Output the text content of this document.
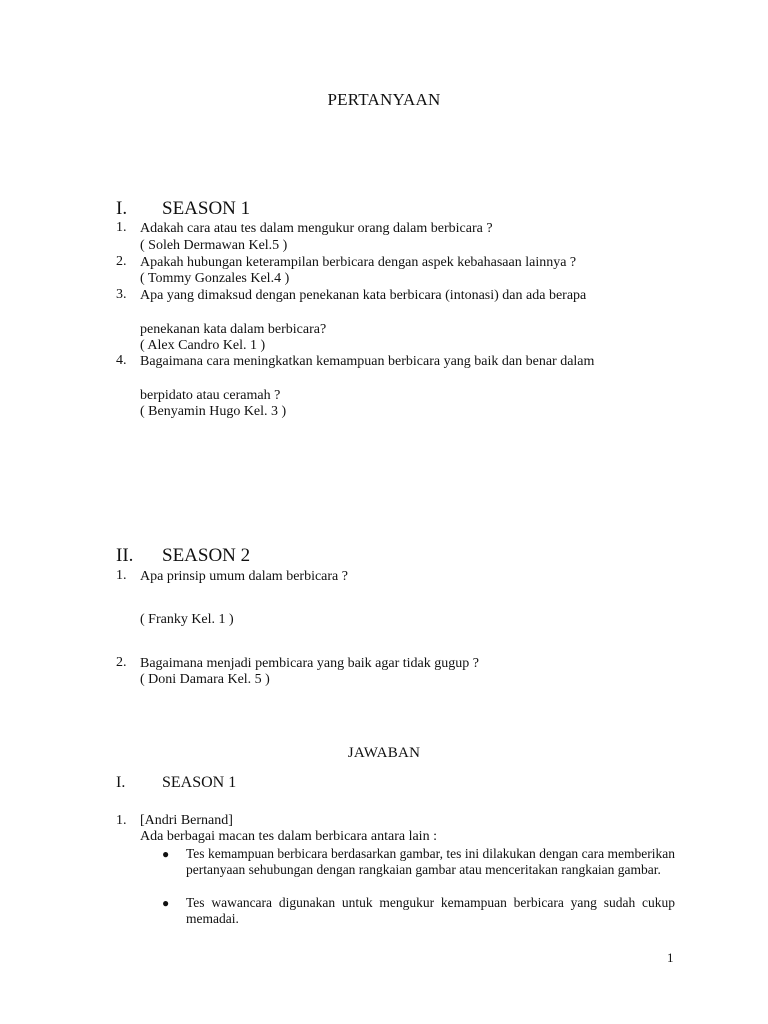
PERTANYAAN
I. SEASON 1
1. Adakah cara atau tes dalam mengukur orang dalam berbicara ?
( Soleh Dermawan Kel.5 )
2. Apakah hubungan keterampilan berbicara dengan aspek kebahasaan lainnya ?
( Tommy Gonzales Kel.4 )
3. Apa yang dimaksud dengan penekanan kata berbicara (intonasi) dan ada berapa
penekanan kata dalam berbicara?
( Alex Candro Kel. 1 )
4. Bagaimana cara meningkatkan kemampuan berbicara yang baik dan benar dalam
berpidato atau ceramah ?
( Benyamin Hugo Kel. 3 )
II. SEASON 2
1. Apa prinsip umum dalam berbicara ?
( Franky Kel. 1 )
2. Bagaimana menjadi pembicara yang baik agar tidak gugup ?
( Doni Damara Kel. 5 )
JAWABAN
I. SEASON 1
1. [Andri Bernand]
Ada berbagai macan tes dalam berbicara antara lain :
● Tes kemampuan berbicara berdasarkan gambar, tes ini dilakukan dengan cara memberikan pertanyaan sehubungan dengan rangkaian gambar atau menceritakan rangkaian gambar.
● Tes wawancara digunakan untuk mengukur kemampuan berbicara yang sudah cukup memadai.
1
